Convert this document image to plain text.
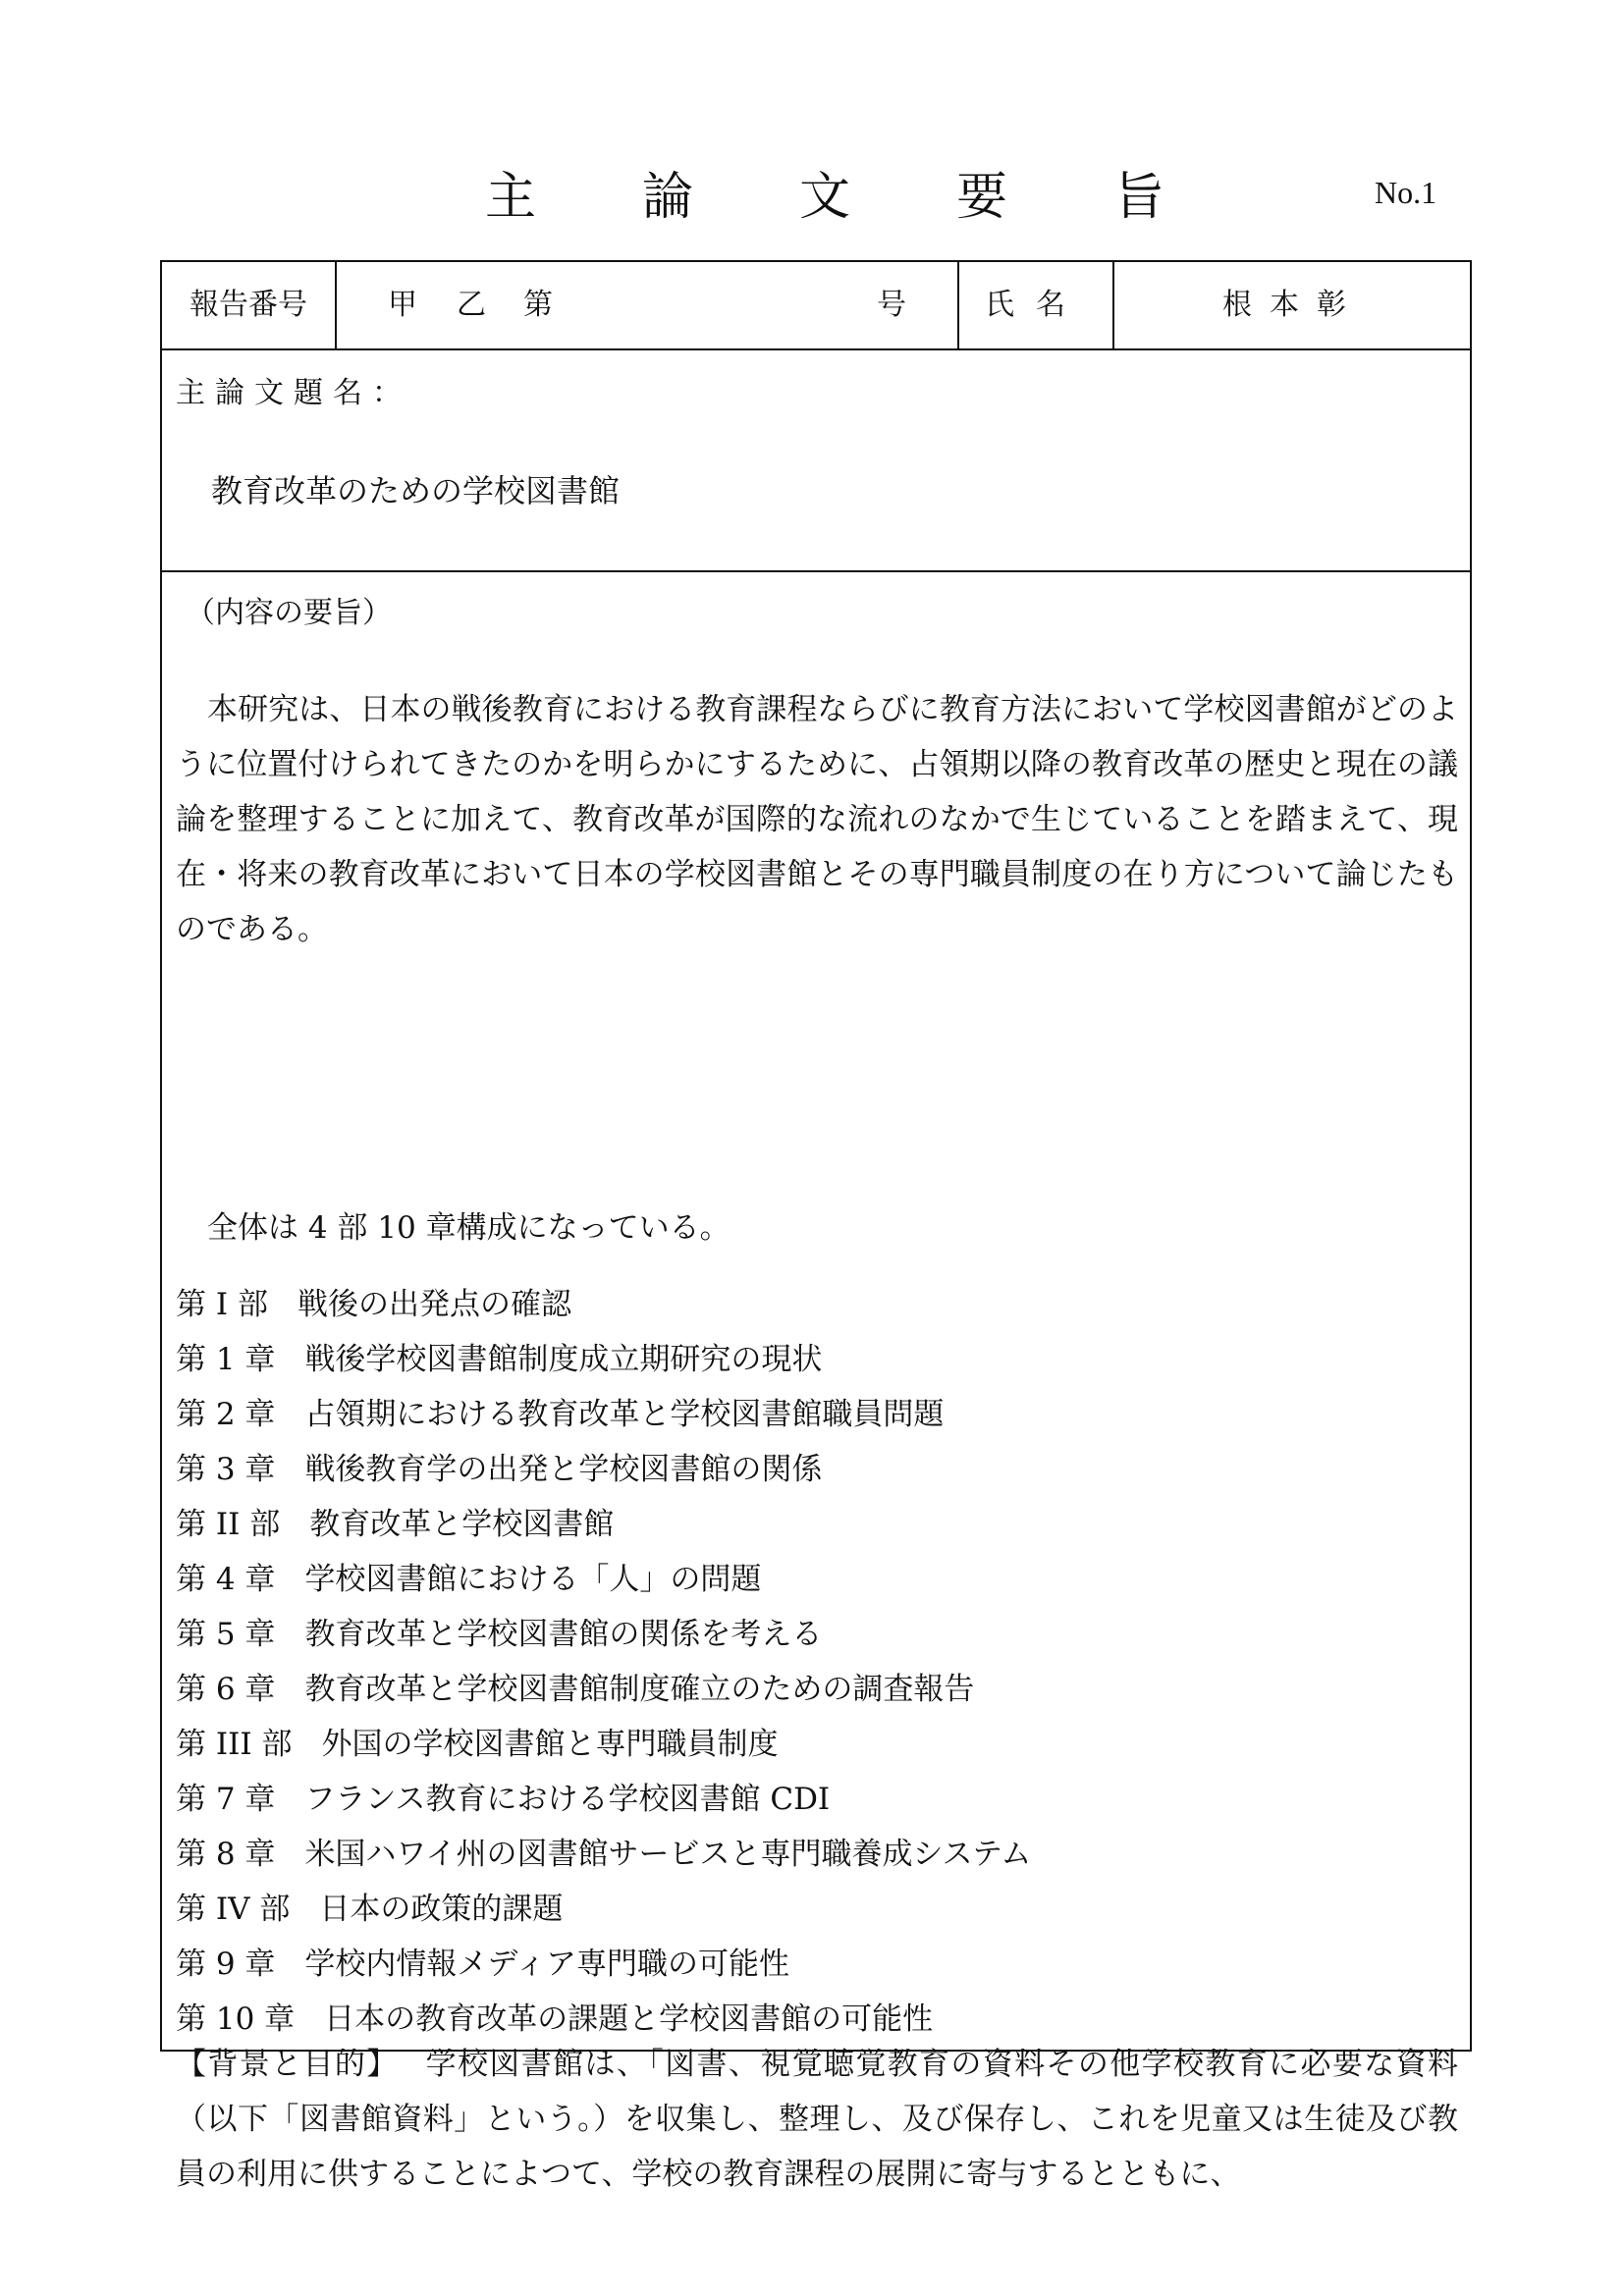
主	論	文	要	旨	No.1
報告番号	甲 乙 第	号	氏名	根本彰
主論文題名：
教育改革のための学校図書館
（内容の要旨）
本研究は、日本の戦後教育における教育課程ならびに教育方法において学校図書館がどのように位置付けられてきたのかを明らかにするために、占領期以降の教育改革の歴史と現在の議論を整理することに加えて、教育改革が国際的な流れのなかで生じていることを踏まえて、現在・将来の教育改革において日本の学校図書館とその専門職員制度の在り方について論じたものである。
全体は 4 部 10 章構成になっている。
第 I 部 戦後の出発点の確認
第 1 章 戦後学校図書館制度成立期研究の現状
第 2 章 占領期における教育改革と学校図書館職員問題
第 3 章 戦後教育学の出発と学校図書館の関係
第 II 部 教育改革と学校図書館
第 4 章 学校図書館における「人」の問題
第 5 章 教育改革と学校図書館の関係を考える
第 6 章 教育改革と学校図書館制度確立のための調査報告
第 III 部 外国の学校図書館と専門職員制度
第 7 章 フランス教育における学校図書館 CDI
第 8 章 米国ハワイ州の図書館サービスと専門職養成システム
第 IV 部 日本の政策的課題
第 9 章 学校内情報メディア専門職の可能性
第 10 章 日本の教育改革の課題と学校図書館の可能性
【背景と目的】 学校図書館は、「図書、視覚聴覚教育の資料その他学校教育に必要な資料（以下「図書館資料」という。）を収集し、整理し、及び保存し、これを児童又は生徒及び教員の利用に供することによつて、学校の教育課程の展開に寄与するとともに、
